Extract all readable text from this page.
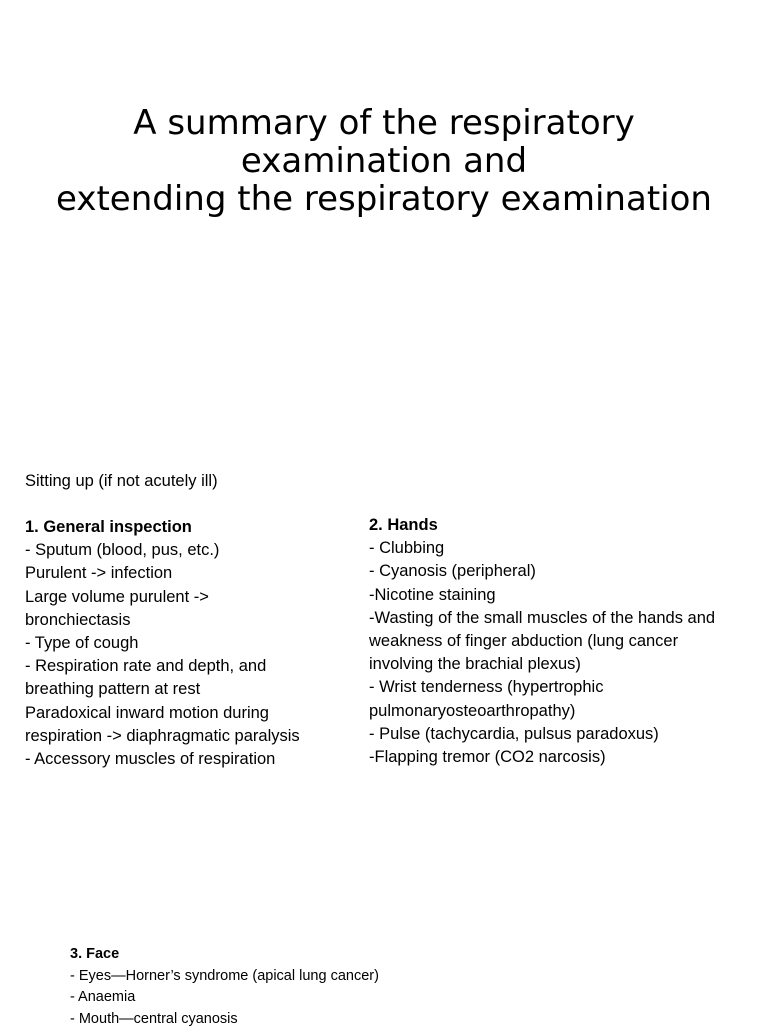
A summary of the respiratory
examination and
extending the respiratory examination
Sitting up (if not acutely ill)
1. General inspection
- Sputum (blood, pus, etc.)
Purulent -> infection
Large volume purulent ->
bronchiectasis
- Type of cough
- Respiration rate and depth, and
breathing pattern at rest
Paradoxical inward motion during
respiration -> diaphragmatic paralysis
- Accessory muscles of respiration
2. Hands
- Clubbing
- Cyanosis (peripheral)
-Nicotine staining
-Wasting of the small muscles of the hands and
weakness of finger abduction (lung cancer
involving the brachial plexus)
- Wrist tenderness (hypertrophic
pulmonaryosteoarthropathy)
- Pulse (tachycardia, pulsus paradoxus)
-Flapping tremor (CO2 narcosis)
3. Face
- Eyes—Horner’s syndrome (apical lung cancer)
- Anaemia
- Mouth—central cyanosis
